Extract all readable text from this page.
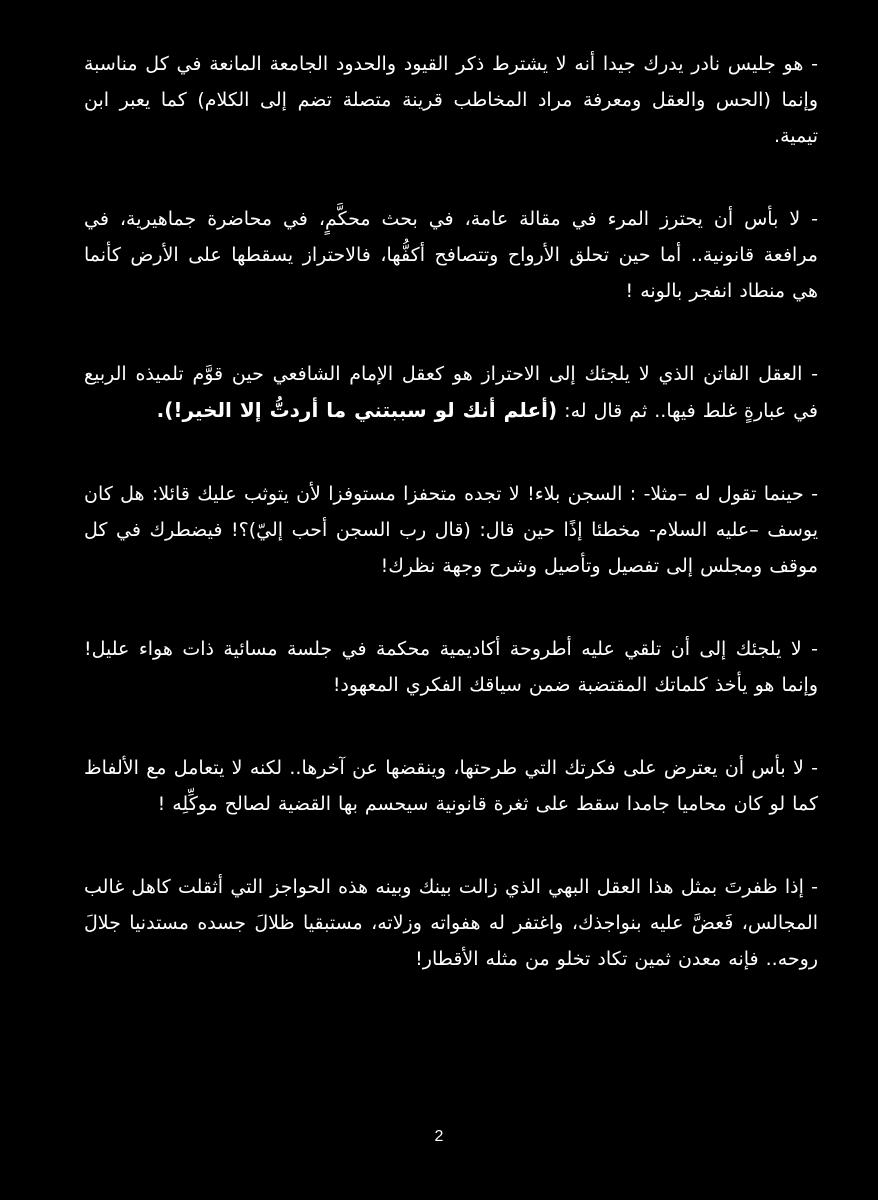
- هو جليس نادر يدرك جيدا أنه لا يشترط ذكر القيود والحدود الجامعة المانعة في كل مناسبة وإنما (الحس والعقل ومعرفة مراد المخاطب قرينة متصلة تضم إلى الكلام) كما يعبر ابن تيمية.

- لا بأس أن يحترز المرء في مقالة عامة، في بحث محكَّمٍ، في محاضرة جماهيرية، في مرافعة قانونية.. أما حين تحلق الأرواح وتتصافح أكفُّها، فالاحتراز يسقطها على الأرض كأنما هي منطاد انفجر بالونه !

- العقل الفاتن الذي لا يلجئك إلى الاحتراز هو كعقل الإمام الشافعي حين قوَّم تلميذه الربيع في عبارةٍ غلط فيها.. ثم قال له: (أعلم أنك لو سببتني ما أردتُّ إلا الخير!).

- حينما تقول له –مثلا- : السجن بلاء! لا تجده متحفزا مستوفزا لأن يتوثب عليك قائلا: هل كان يوسف –عليه السلام- مخطئا إذًا حين قال: (قال رب السجن أحب إليّ)؟! فيضطرك في كل موقف ومجلس إلى تفصيل وتأصيل وشرح وجهة نظرك!

- لا يلجئك إلى أن تلقي عليه أطروحة أكاديمية محكمة في جلسة مسائية ذات هواء عليل! وإنما هو يأخذ كلماتك المقتضبة ضمن سياقك الفكري المعهود!

- لا بأس أن يعترض على فكرتك التي طرحتها، وينقضها عن آخرها.. لكنه لا يتعامل مع الألفاظ كما لو كان محاميا جامدا سقط على ثغرة قانونية سيحسم بها القضية لصالح موكِّلِه !

- إذا ظفرتَ بمثل هذا العقل البهي الذي زالت بينك وبينه هذه الحواجز التي أثقلت كاهل غالب المجالس، فَعضَّ عليه بنواجذك، واغتفر له هفواته وزلاته، مستبقيا ظلالَ جسده مستدنيا جلالَ روحه.. فإنه معدن ثمين تكاد تخلو من مثله الأقطار!

2
